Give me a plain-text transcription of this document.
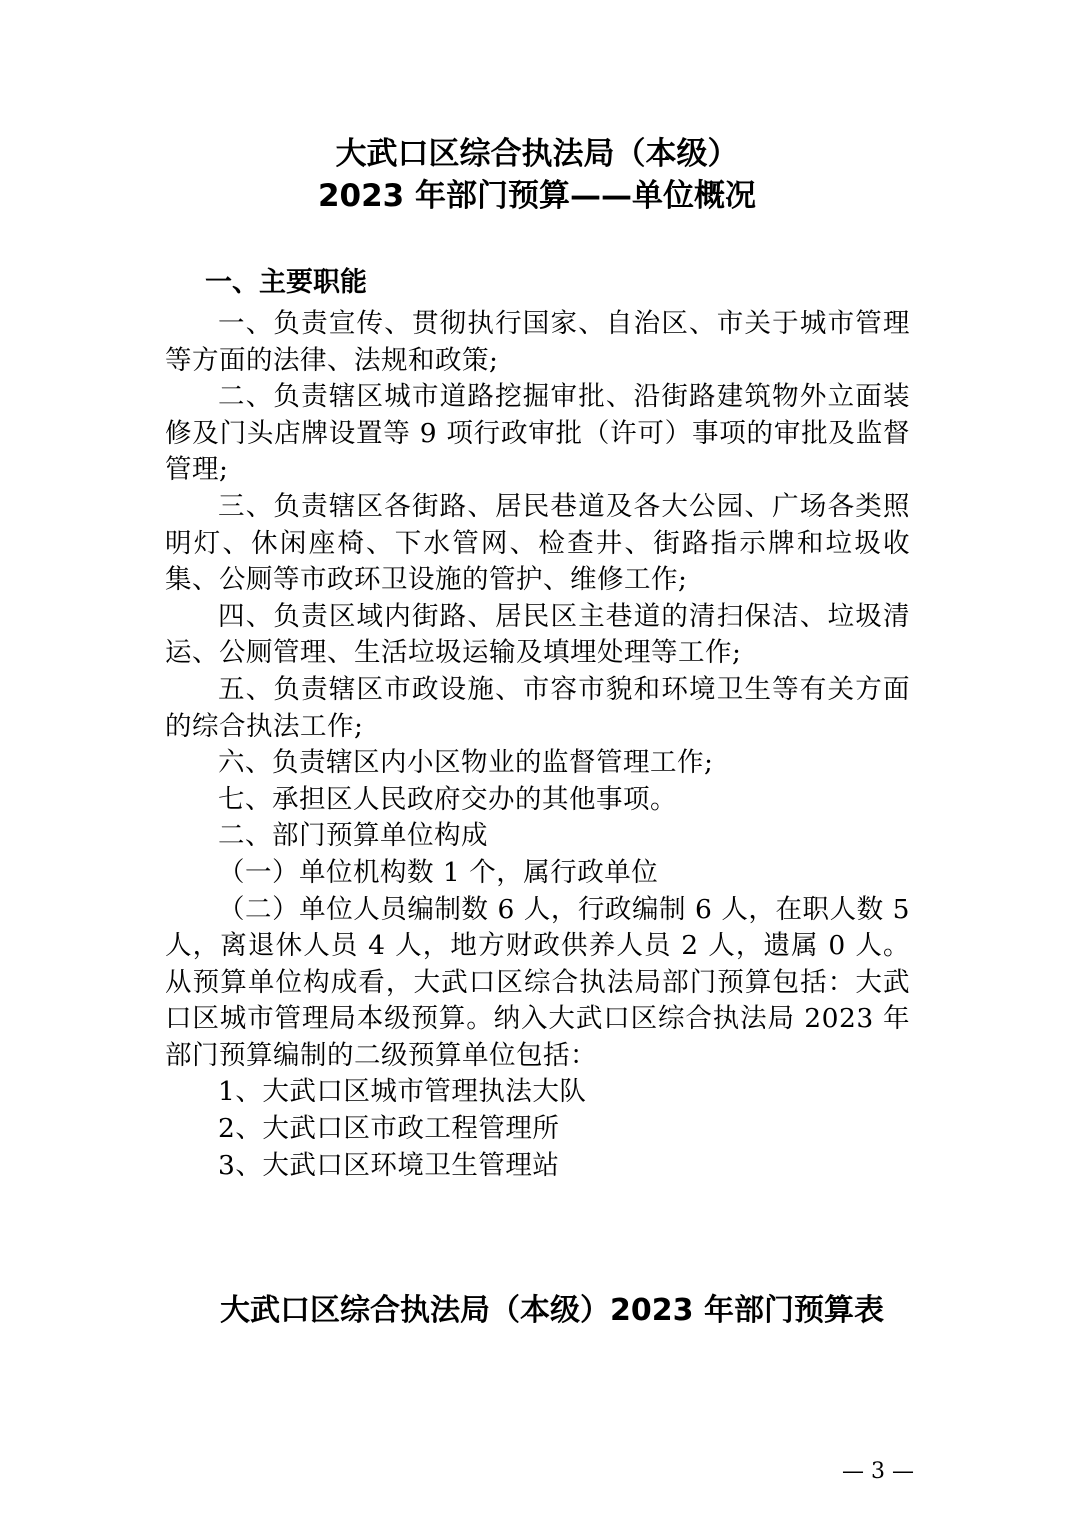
大武口区综合执法局（本级）
2023 年部门预算——单位概况
一、主要职能

一、负责宣传、贯彻执行国家、自治区、市关于城市管理等方面的法律、法规和政策;

二、负责辖区城市道路挖掘审批、沿街路建筑物外立面装修及门头店牌设置等 9 项行政审批（许可）事项的审批及监督管理;

三、负责辖区各街路、居民巷道及各大公园、广场各类照明灯、休闲座椅、下水管网、检查井、街路指示牌和垃圾收集、公厕等市政环卫设施的管护、维修工作;

四、负责区域内街路、居民区主巷道的清扫保洁、垃圾清运、公厕管理、生活垃圾运输及填埋处理等工作;

五、负责辖区市政设施、市容市貌和环境卫生等有关方面的综合执法工作;

六、负责辖区内小区物业的监督管理工作;

七、承担区人民政府交办的其他事项。

二、部门预算单位构成

（一）单位机构数 1 个，属行政单位

（二）单位人员编制数 6 人，行政编制 6 人，在职人数 5 人，离退休人员 4 人，地方财政供养人员 2 人，遗属 0 人。从预算单位构成看，大武口区综合执法局部门预算包括：大武口区城市管理局本级预算。纳入大武口区综合执法局 2023 年部门预算编制的二级预算单位包括：

1、大武口区城市管理执法大队

2、大武口区市政工程管理所

3、大武口区环境卫生管理站

大武口区综合执法局（本级）2023 年部门预算表
— 3 —
